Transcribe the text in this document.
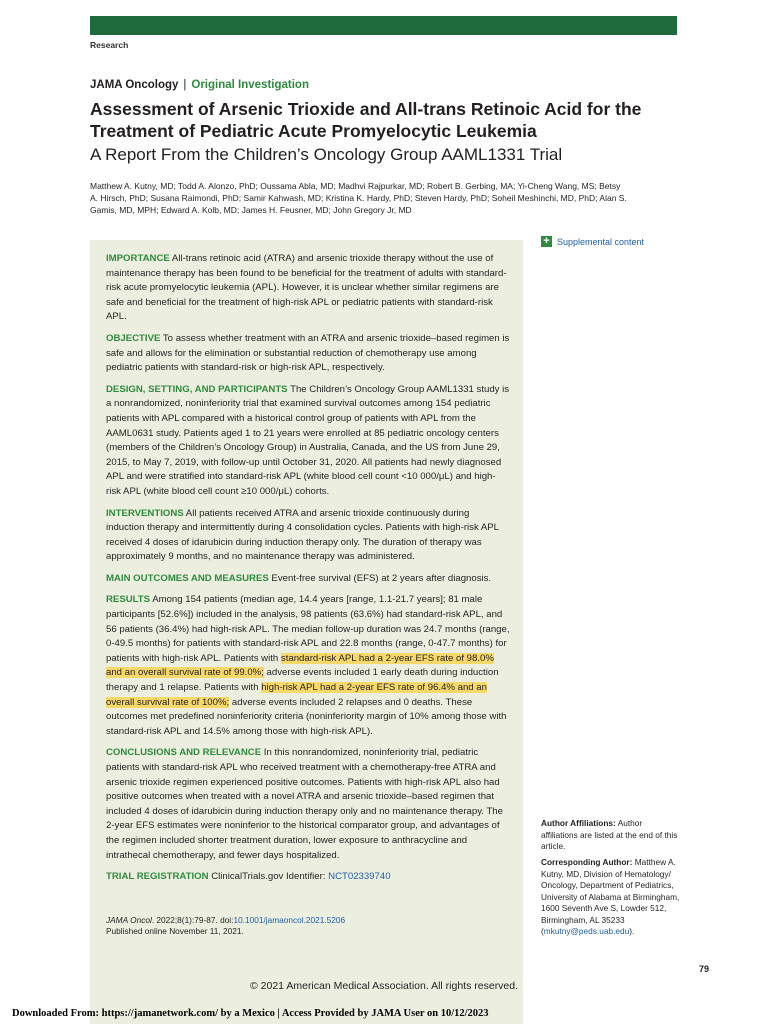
Research
JAMA Oncology | Original Investigation
Assessment of Arsenic Trioxide and All-trans Retinoic Acid for the Treatment of Pediatric Acute Promyelocytic Leukemia
A Report From the Children’s Oncology Group AAML1331 Trial
Matthew A. Kutny, MD; Todd A. Alonzo, PhD; Oussama Abla, MD; Madhvi Rajpurkar, MD; Robert B. Gerbing, MA; Yi-Cheng Wang, MS; Betsy A. Hirsch, PhD; Susana Raimondi, PhD; Samir Kahwash, MD; Kristina K. Hardy, PhD; Steven Hardy, PhD; Soheil Meshinchi, MD, PhD; Alan S. Gamis, MD, MPH; Edward A. Kolb, MD; James H. Feusner, MD; John Gregory Jr, MD
+ Supplemental content

IMPORTANCE All-trans retinoic acid (ATRA) and arsenic trioxide therapy without the use of maintenance therapy has been found to be beneficial for the treatment of adults with standard-risk acute promyelocytic leukemia (APL). However, it is unclear whether similar regimens are safe and beneficial for the treatment of high-risk APL or pediatric patients with standard-risk APL.

OBJECTIVE To assess whether treatment with an ATRA and arsenic trioxide–based regimen is safe and allows for the elimination or substantial reduction of chemotherapy use among pediatric patients with standard-risk or high-risk APL, respectively.

DESIGN, SETTING, AND PARTICIPANTS The Children’s Oncology Group AAML1331 study is a nonrandomized, noninferiority trial that examined survival outcomes among 154 pediatric patients with APL compared with a historical control group of patients with APL from the AAML0631 study. Patients aged 1 to 21 years were enrolled at 85 pediatric oncology centers (members of the Children’s Oncology Group) in Australia, Canada, and the US from June 29, 2015, to May 7, 2019, with follow-up until October 31, 2020. All patients had newly diagnosed APL and were stratified into standard-risk APL (white blood cell count <10 000/μL) and high-risk APL (white blood cell count ≥10 000/μL) cohorts.

INTERVENTIONS All patients received ATRA and arsenic trioxide continuously during induction therapy and intermittently during 4 consolidation cycles. Patients with high-risk APL received 4 doses of idarubicin during induction therapy only. The duration of therapy was approximately 9 months, and no maintenance therapy was administered.

MAIN OUTCOMES AND MEASURES Event-free survival (EFS) at 2 years after diagnosis.

RESULTS Among 154 patients (median age, 14.4 years [range, 1.1-21.7 years]; 81 male participants [52.6%]) included in the analysis, 98 patients (63.6%) had standard-risk APL, and 56 patients (36.4%) had high-risk APL. The median follow-up duration was 24.7 months (range, 0-49.5 months) for patients with standard-risk APL and 22.8 months (range, 0-47.7 months) for patients with high-risk APL. Patients with standard-risk APL had a 2-year EFS rate of 98.0% and an overall survival rate of 99.0%; adverse events included 1 early death during induction therapy and 1 relapse. Patients with high-risk APL had a 2-year EFS rate of 96.4% and an overall survival rate of 100%; adverse events included 2 relapses and 0 deaths. These outcomes met predefined noninferiority criteria (noninferiority margin of 10% among those with standard-risk APL and 14.5% among those with high-risk APL).

CONCLUSIONS AND RELEVANCE In this nonrandomized, noninferiority trial, pediatric patients with standard-risk APL who received treatment with a chemotherapy-free ATRA and arsenic trioxide regimen experienced positive outcomes. Patients with high-risk APL also had positive outcomes when treated with a novel ATRA and arsenic trioxide–based regimen that included 4 doses of idarubicin during induction therapy only and no maintenance therapy. The 2-year EFS estimates were noninferior to the historical comparator group, and advantages of the regimen included shorter treatment duration, lower exposure to anthracycline and intrathecal chemotherapy, and fewer days hospitalized.

TRIAL REGISTRATION ClinicalTrials.gov Identifier: NCT02339740

JAMA Oncol. 2022;8(1):79-87. doi:10.1001/jamaoncol.2021.5206
Published online November 11, 2021.
© 2021 American Medical Association. All rights reserved.
Author Affiliations: Author affiliations are listed at the end of this article.
Corresponding Author: Matthew A. Kutny, MD, Division of Hematology/ Oncology, Department of Pediatrics, University of Alabama at Birmingham, 1600 Seventh Ave S, Lowder 512, Birmingham, AL 35233 (mkutny@peds.uab.edu).
79
Downloaded From: https://jamanetwork.com/ by a Mexico | Access Provided by JAMA User on 10/12/2023
